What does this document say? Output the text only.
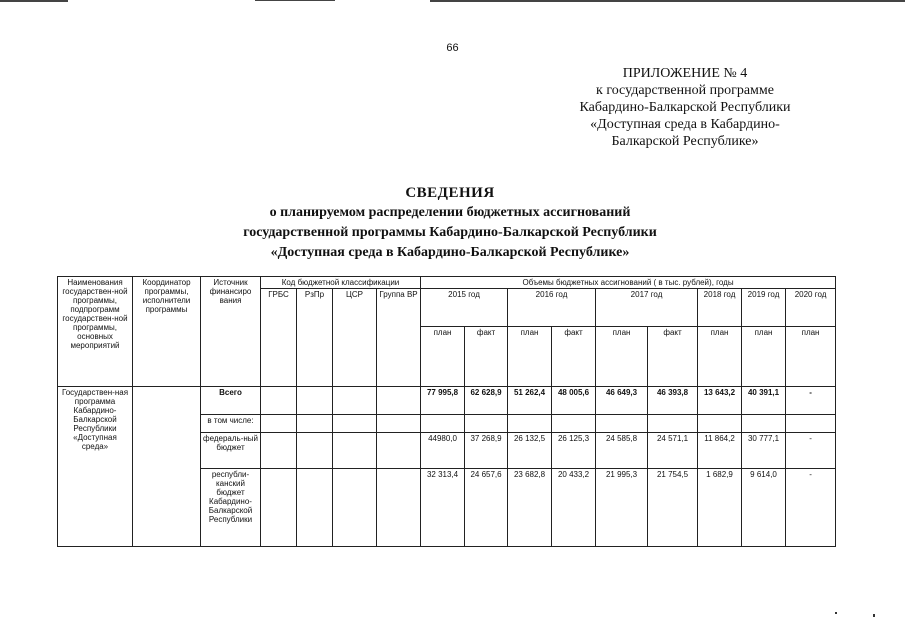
66
ПРИЛОЖЕНИЕ № 4
к государственной программе
Кабардино-Балкарской Республики
«Доступная среда в Кабардино-
Балкарской Республике»
СВЕДЕНИЯ
о планируемом распределении бюджетных ассигнований
государственной программы Кабардино-Балкарской Республики
«Доступная среда в Кабардино-Балкарской Республике»
Наименования государствен-ной программы, подпрограмм государствен-ной программы, основных мероприятий	Координатор программы, исполнители программы	Источник финансиро вания	Код бюджетной классификации				Объемы бюджетных ассигнований ( в тыс. рублей), годы								
			ГРБС	РзПр	ЦСР	Группа ВР	2015 год		2016 год		2017 год		2018 год	2019 год	2020 год
							план	факт	план	факт	план	факт	план	план	план
Государствен-ная программа Кабардино-Балкарской Республики «Доступная среда»		Всего					77 995,8	62 628,9	51 262,4	48 005,6	46 649,3	46 393,8	13 643,2	40 391,1	-
		в том числе:													
		федераль-ный бюджет					44980,0	37 268,9	26 132,5	26 125,3	24 585,8	24 571,1	11 864,2	30 777,1	-
		республи-канский бюджет Кабардино-Балкарской Республики					32 313,4	24 657,6	23 682,8	20 433,2	21 995,3	21 754,5	1 682,9	9 614,0	-
